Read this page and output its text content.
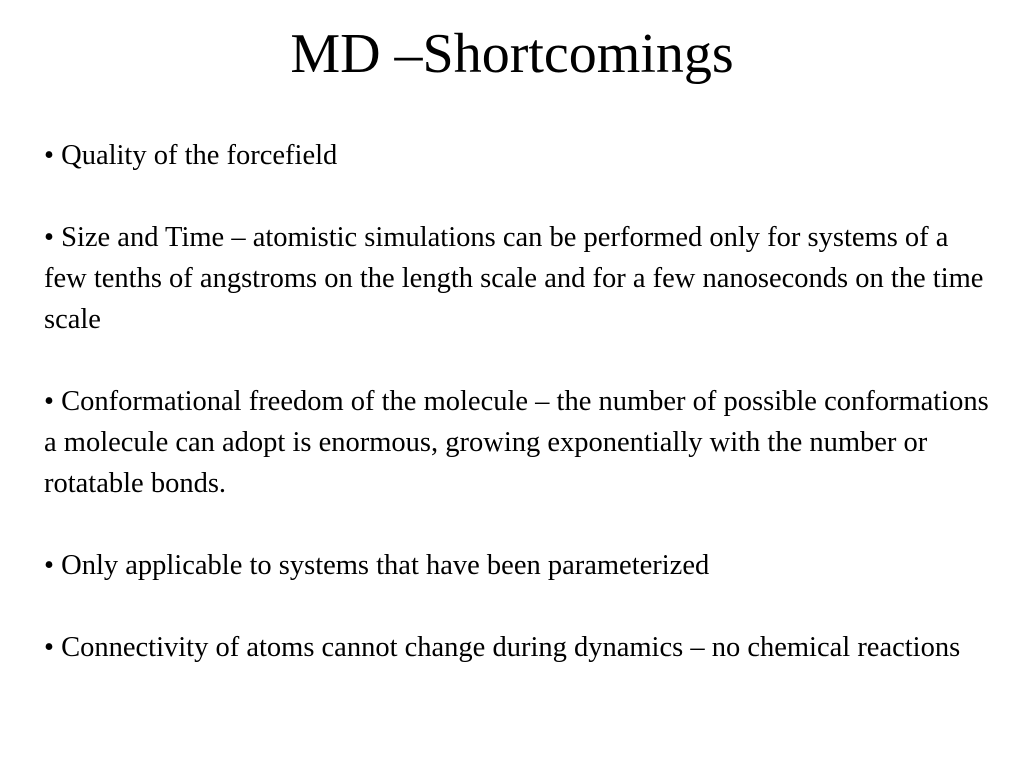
MD –Shortcomings
• Quality of the forcefield
• Size and Time – atomistic simulations can be performed only for systems of a few tenths of angstroms on the length scale and for a few nanoseconds on the time scale
• Conformational freedom of the molecule – the number of possible conformations a molecule can adopt is enormous, growing exponentially with the number or rotatable bonds.
• Only applicable to systems that have been parameterized
• Connectivity of atoms cannot change during dynamics – no chemical reactions
